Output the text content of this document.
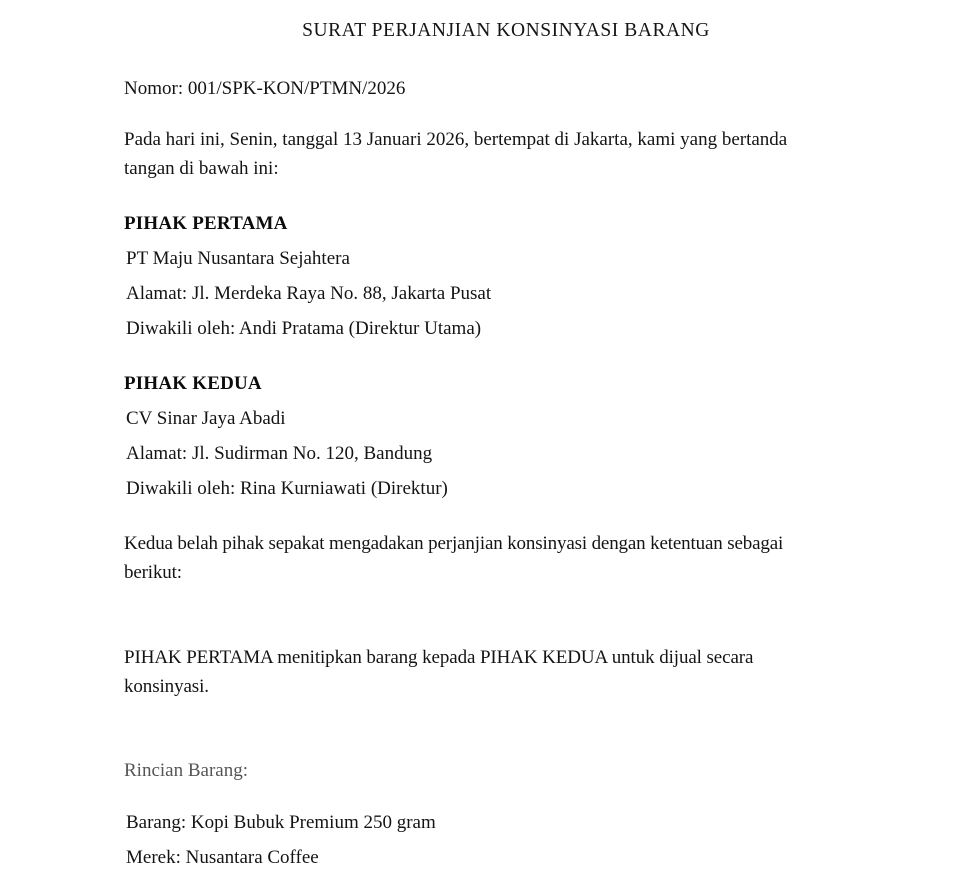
SURAT PERJANJIAN KONSINYASI BARANG

Nomor: 001/SPK-KON/PTMN/2026

Pada hari ini, Senin, tanggal 13 Januari 2026, bertempat di Jakarta, kami yang bertanda tangan di bawah ini:

PIHAK PERTAMA

PT Maju Nusantara Sejahtera

Alamat: Jl. Merdeka Raya No. 88, Jakarta Pusat

Diwakili oleh: Andi Pratama (Direktur Utama)

PIHAK KEDUA

CV Sinar Jaya Abadi

Alamat: Jl. Sudirman No. 120, Bandung

Diwakili oleh: Rina Kurniawati (Direktur)

Kedua belah pihak sepakat mengadakan perjanjian konsinyasi dengan ketentuan sebagai berikut:

PIHAK PERTAMA menitipkan barang kepada PIHAK KEDUA untuk dijual secara konsinyasi.

Rincian Barang:

Barang: Kopi Bubuk Premium 250 gram

Merek: Nusantara Coffee
